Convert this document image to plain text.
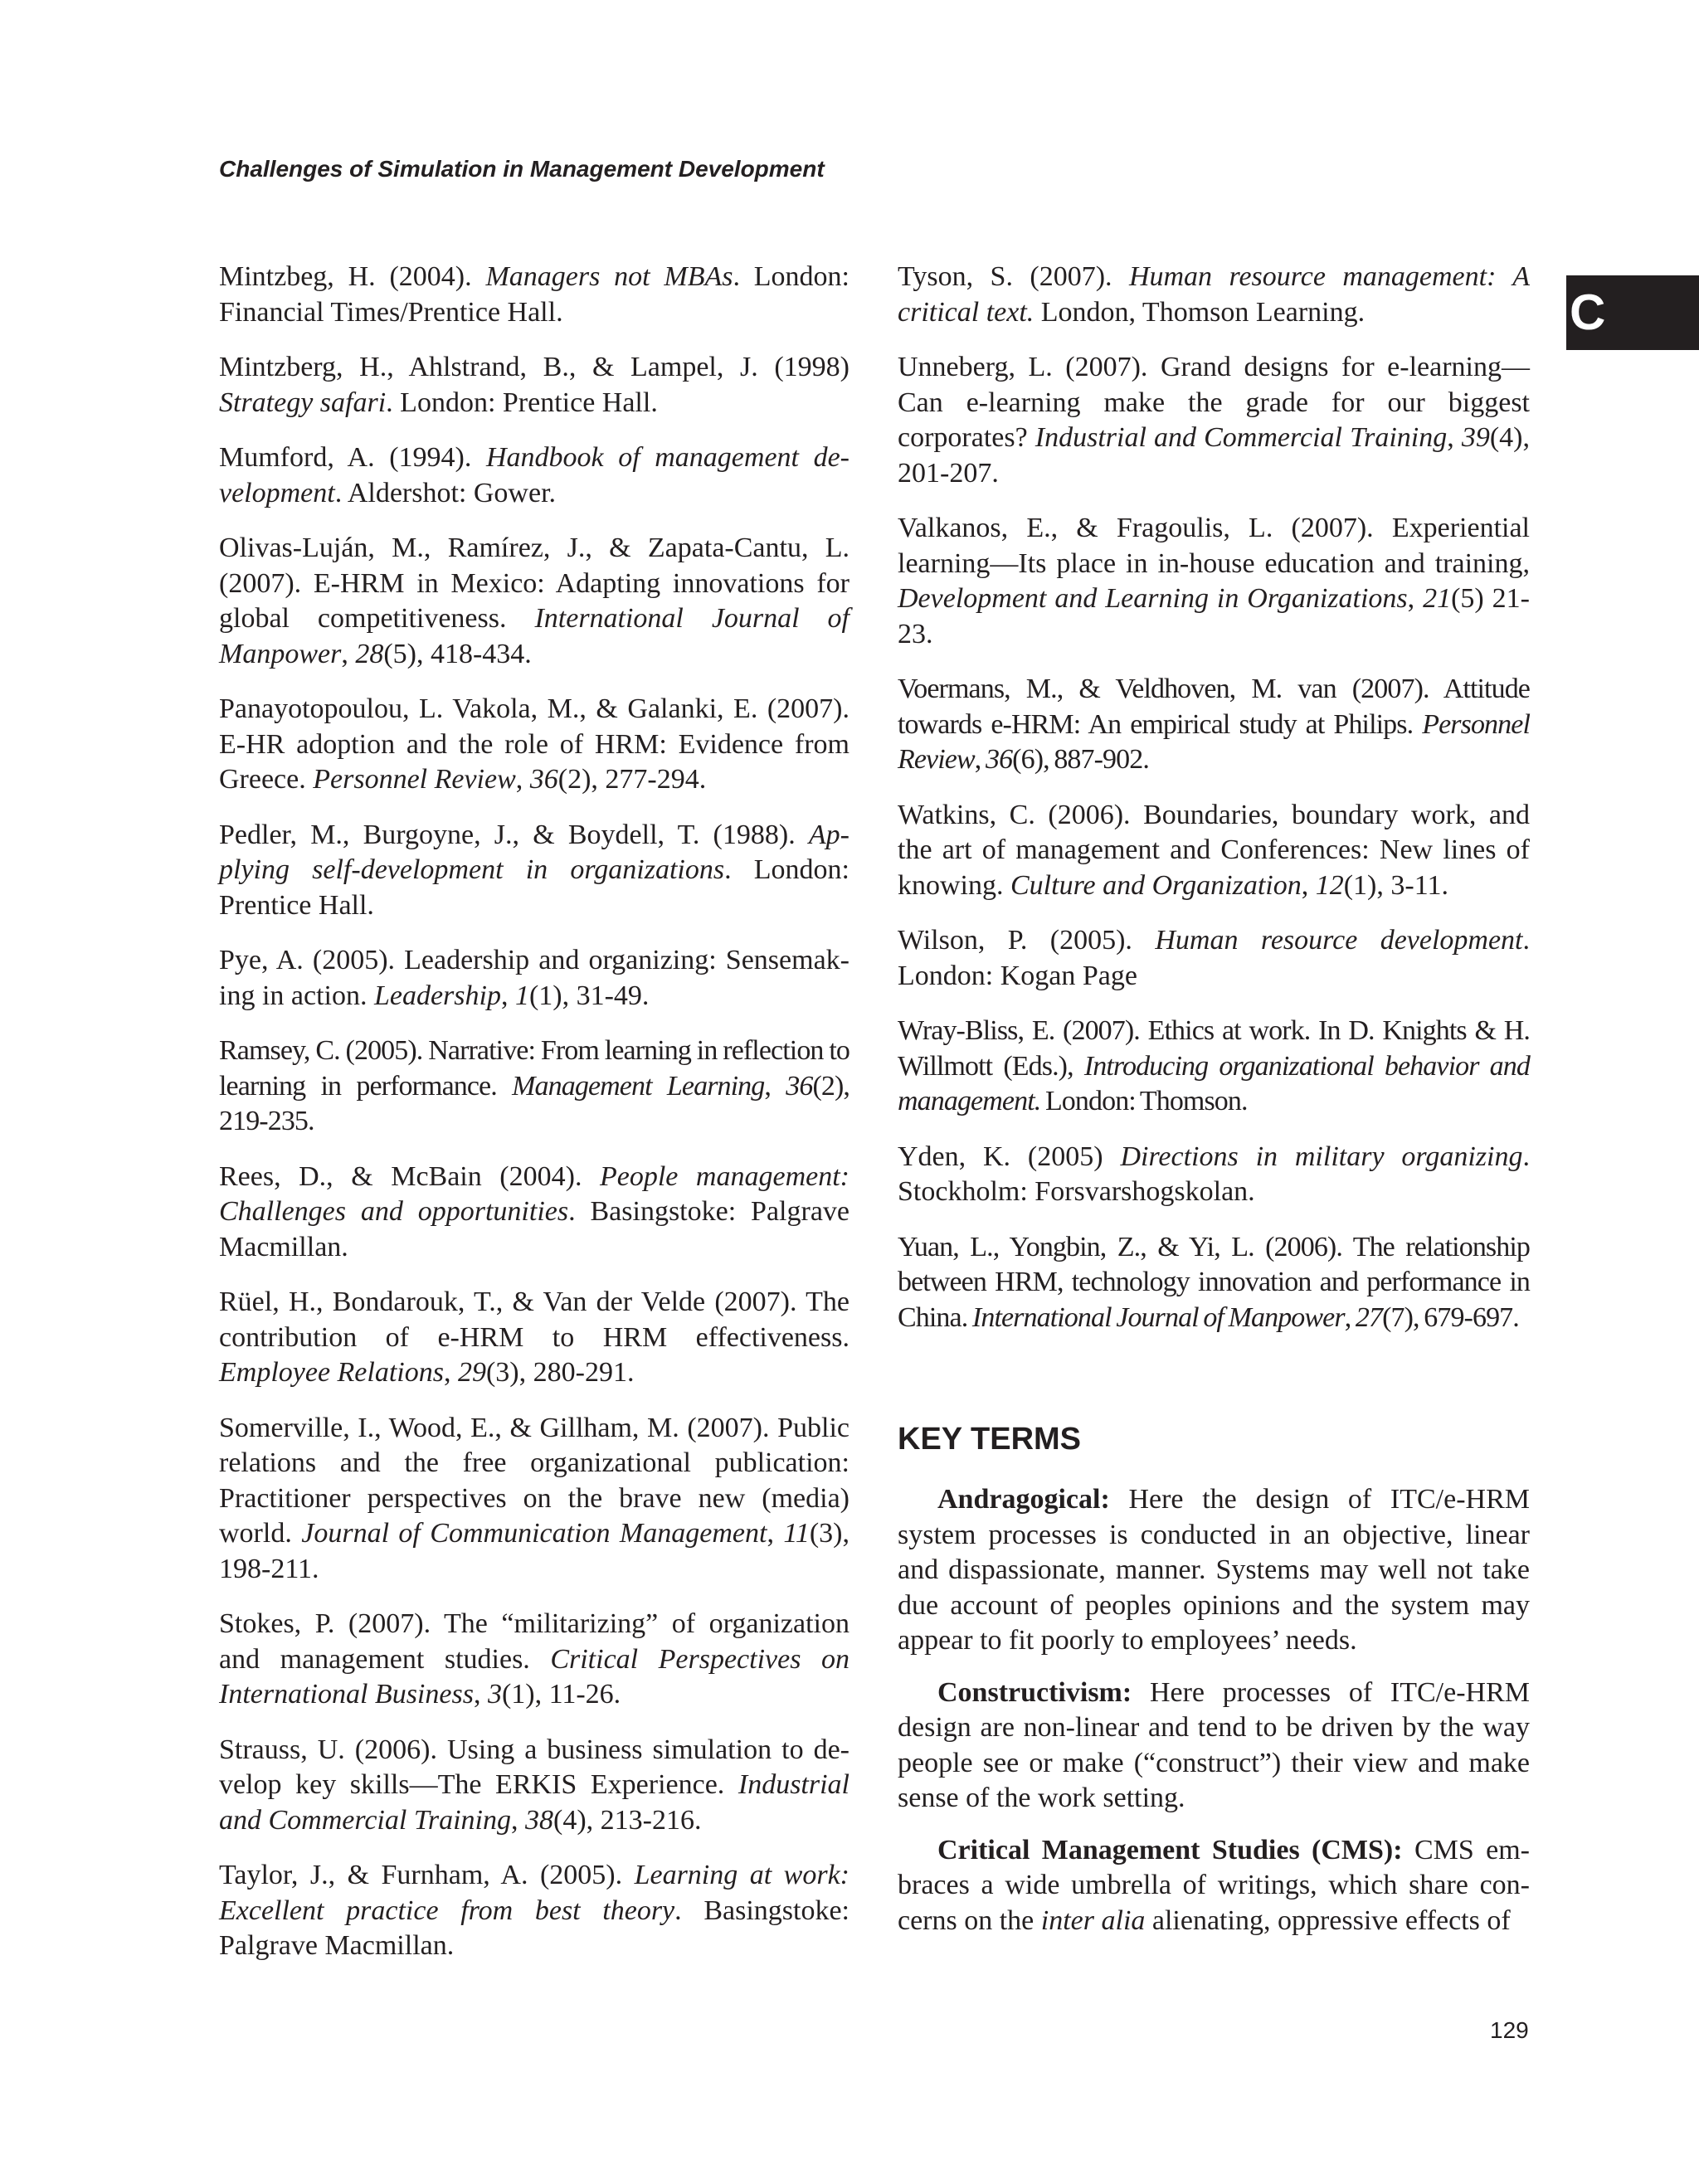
Challenges of Simulation in Management Development
C

Mintzbeg, H. (2004). Managers not MBAs. London: Financial Times/Prentice Hall.

Mintzberg, H., Ahlstrand, B., & Lampel, J. (1998) Strategy safari. London: Prentice Hall.

Mumford, A. (1994). Handbook of management development. Aldershot: Gower.

Olivas-Luján, M., Ramírez, J., & Zapata-Cantu, L. (2007). E-HRM in Mexico: Adapting innovations for global competitiveness. International Journal of Manpower, 28(5), 418-434.

Panayotopoulou, L. Vakola, M., & Galanki, E. (2007). E-HR adoption and the role of HRM: Evidence from Greece. Personnel Review, 36(2), 277-294.

Pedler, M., Burgoyne, J., & Boydell, T. (1988). Applying self-development in organizations. London: Prentice Hall.

Pye, A. (2005). Leadership and organizing: Sensemaking in action. Leadership, 1(1), 31-49.

Ramsey, C. (2005). Narrative: From learning in reflection to learning in performance. Management Learning, 36(2), 219-235.

Rees, D., & McBain (2004). People management: Challenges and opportunities. Basingstoke: Palgrave Macmillan.

Rüel, H., Bondarouk, T., & Van der Velde (2007). The contribution of e-HRM to HRM effectiveness. Employee Relations, 29(3), 280-291.

Somerville, I., Wood, E., & Gillham, M. (2007). Public relations and the free organizational publication: Practitioner perspectives on the brave new (media) world. Journal of Communication Management, 11(3), 198-211.

Stokes, P. (2007). The “militarizing” of organization and management studies. Critical Perspectives on International Business, 3(1), 11-26.

Strauss, U. (2006). Using a business simulation to develop key skills—The ERKIS Experience. Industrial and Commercial Training, 38(4), 213-216.

Taylor, J., & Furnham, A. (2005). Learning at work: Excellent practice from best theory. Basingstoke: Palgrave Macmillan.

Tyson, S. (2007). Human resource management: A critical text. London, Thomson Learning.

Unneberg, L. (2007). Grand designs for e-learning—Can e-learning make the grade for our biggest corporates? Industrial and Commercial Training, 39(4), 201-207.

Valkanos, E., & Fragoulis, L. (2007). Experiential learning—Its place in in-house education and training, Development and Learning in Organizations, 21(5) 21-23.

Voermans, M., & Veldhoven, M. van (2007). Attitude towards e-HRM: An empirical study at Philips. Personnel Review, 36(6), 887-902.

Watkins, C. (2006). Boundaries, boundary work, and the art of management and Conferences: New lines of knowing. Culture and Organization, 12(1), 3-11.

Wilson, P. (2005). Human resource development. London: Kogan Page

Wray-Bliss, E. (2007). Ethics at work. In D. Knights & H. Willmott (Eds.), Introducing organizational behavior and management. London: Thomson.

Yden, K. (2005) Directions in military organizing. Stockholm: Forsvarshogskolan.

Yuan, L., Yongbin, Z., & Yi, L. (2006). The relationship between HRM, technology innovation and performance in China. International Journal of Manpower, 27(7), 679-697.

KEY TERMS

Andragogical: Here the design of ITC/e-HRM system processes is conducted in an objective, linear and dispassionate, manner. Systems may well not take due account of peoples opinions and the system may appear to fit poorly to employees’ needs.

Constructivism: Here processes of ITC/e-HRM design are non-linear and tend to be driven by the way people see or make (“construct”) their view and make sense of the work setting.

Critical Management Studies (CMS): CMS embraces a wide umbrella of writings, which share concerns on the inter alia alienating, oppressive effects of

129
